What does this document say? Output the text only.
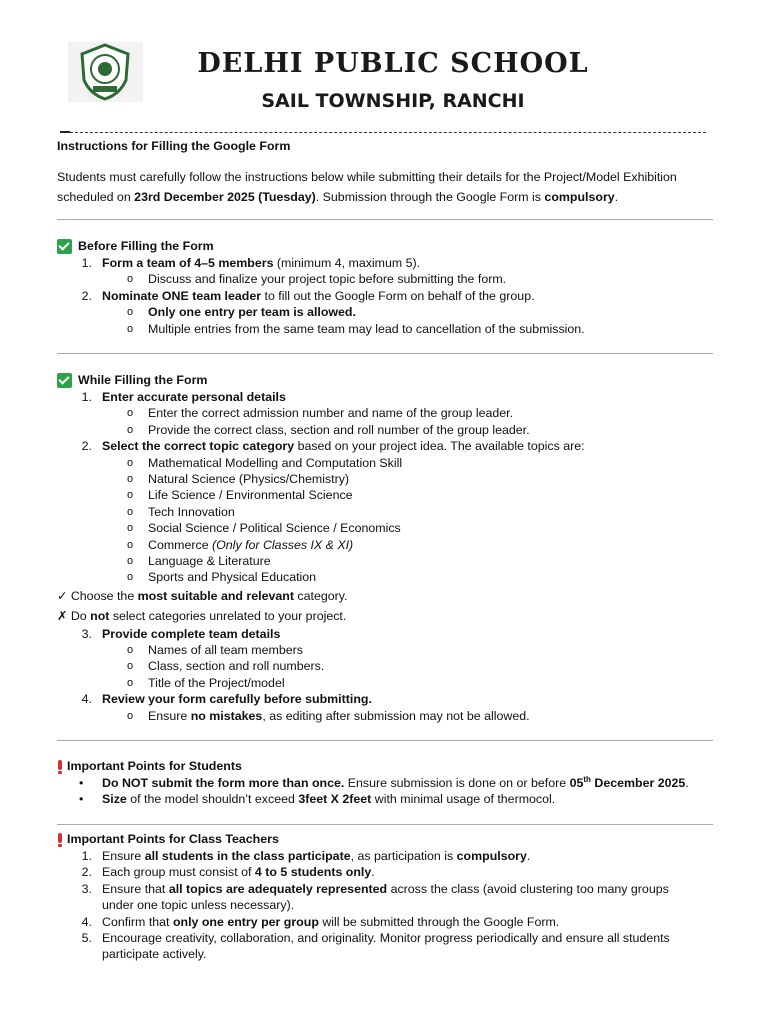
DELHI PUBLIC SCHOOL
SAIL TOWNSHIP, RANCHI
Instructions for Filling the Google Form
Students must carefully follow the instructions below while submitting their details for the Project/Model Exhibition scheduled on 23rd December 2025 (Tuesday). Submission through the Google Form is compulsory.
Before Filling the Form
1. Form a team of 4–5 members (minimum 4, maximum 5).
o Discuss and finalize your project topic before submitting the form.
2. Nominate ONE team leader to fill out the Google Form on behalf of the group.
o Only one entry per team is allowed.
o Multiple entries from the same team may lead to cancellation of the submission.
While Filling the Form
1. Enter accurate personal details
o Enter the correct admission number and name of the group leader.
o Provide the correct class, section and roll number of the group leader.
2. Select the correct topic category based on your project idea. The available topics are:
o Mathematical Modelling and Computation Skill
o Natural Science (Physics/Chemistry)
o Life Science / Environmental Science
o Tech Innovation
o Social Science / Political Science / Economics
o Commerce (Only for Classes IX & XI)
o Language & Literature
o Sports and Physical Education
✓ Choose the most suitable and relevant category.
✗ Do not select categories unrelated to your project.
3. Provide complete team details
o Names of all team members
o Class, section and roll numbers.
o Title of the Project/model
4. Review your form carefully before submitting.
o Ensure no mistakes, as editing after submission may not be allowed.
Important Points for Students
• Do NOT submit the form more than once. Ensure submission is done on or before 05th December 2025.
• Size of the model shouldn’t exceed 3feet X 2feet with minimal usage of thermocol.
Important Points for Class Teachers
1. Ensure all students in the class participate, as participation is compulsory.
2. Each group must consist of 4 to 5 students only.
3. Ensure that all topics are adequately represented across the class (avoid clustering too many groups
under one topic unless necessary).
4. Confirm that only one entry per group will be submitted through the Google Form.
5. Encourage creativity, collaboration, and originality. Monitor progress periodically and ensure all students
participate actively.
